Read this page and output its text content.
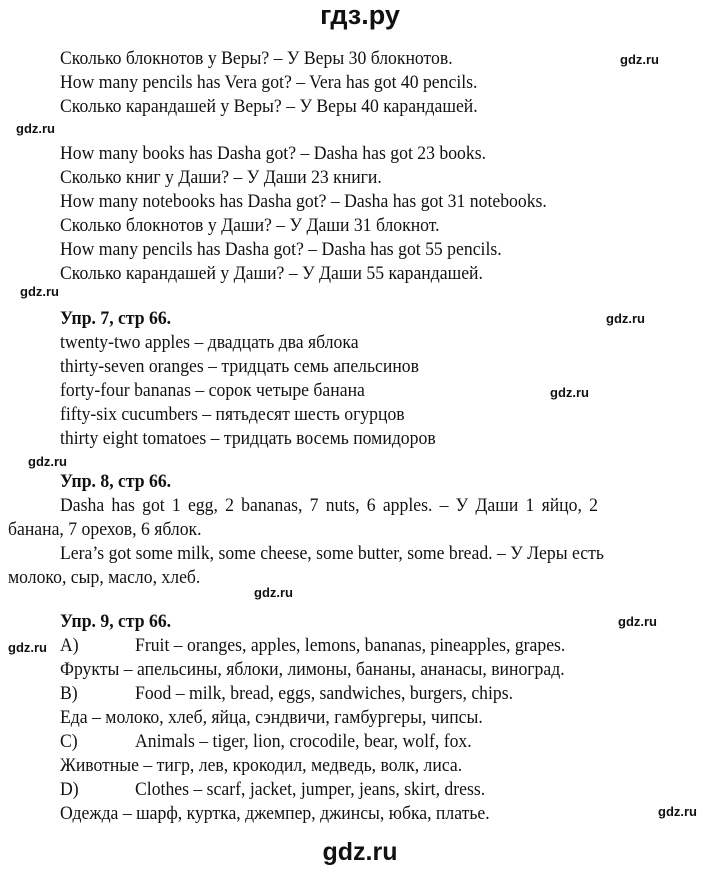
гдз.ру
Сколько блокнотов у Веры? – У Веры 30 блокнотов.	gdz.ru
How many pencils has Vera got? – Vera has got 40 pencils.
Сколько карандашей у Веры? – У Веры 40 карандашей.
gdz.ru
How many books has Dasha got? – Dasha has got 23 books.
Сколько книг у Даши? – У Даши 23 книги.
How many notebooks has Dasha got? – Dasha has got 31 notebooks.
Сколько блокнотов у Даши? – У Даши 31 блокнот.
How many pencils has Dasha got? – Dasha has got 55 pencils.
Сколько карандашей у Даши? – У Даши 55 карандашей.
gdz.ru
Упр. 7, стр 66.	gdz.ru
twenty-two apples – двадцать два яблока
thirty-seven oranges – тридцать семь апельсинов
forty-four bananas – сорок четыре банана	gdz.ru
fifty-six cucumbers – пятьдесят шесть огурцов
thirty eight tomatoes – тридцать восемь помидоров
gdz.ru
Упр. 8, стр 66.
Dasha has got 1 egg, 2 bananas, 7 nuts, 6 apples. – У Даши 1 яйцо, 2
банана, 7 орехов, 6 яблок.
Lera’s got some milk, some cheese, some butter, some bread. – У Леры есть
молоко, сыр, масло, хлеб.
gdz.ru
Упр. 9, стр 66.	gdz.ru
gdz.ru A)	Fruit – oranges, apples, lemons, bananas, pineapples, grapes.
Фрукты – апельсины, яблоки, лимоны, бананы, ананасы, виноград.
B)	Food – milk, bread, eggs, sandwiches, burgers, chips.
Еда – молоко, хлеб, яйца, сэндвичи, гамбургеры, чипсы.
C)	Animals – tiger, lion, crocodile, bear, wolf, fox.
Животные – тигр, лев, крокодил, медведь, волк, лиса.
D)	Clothes – scarf, jacket, jumper, jeans, skirt, dress.
Одежда – шарф, куртка, джемпер, джинсы, юбка, платье.	gdz.ru
gdz.ru
